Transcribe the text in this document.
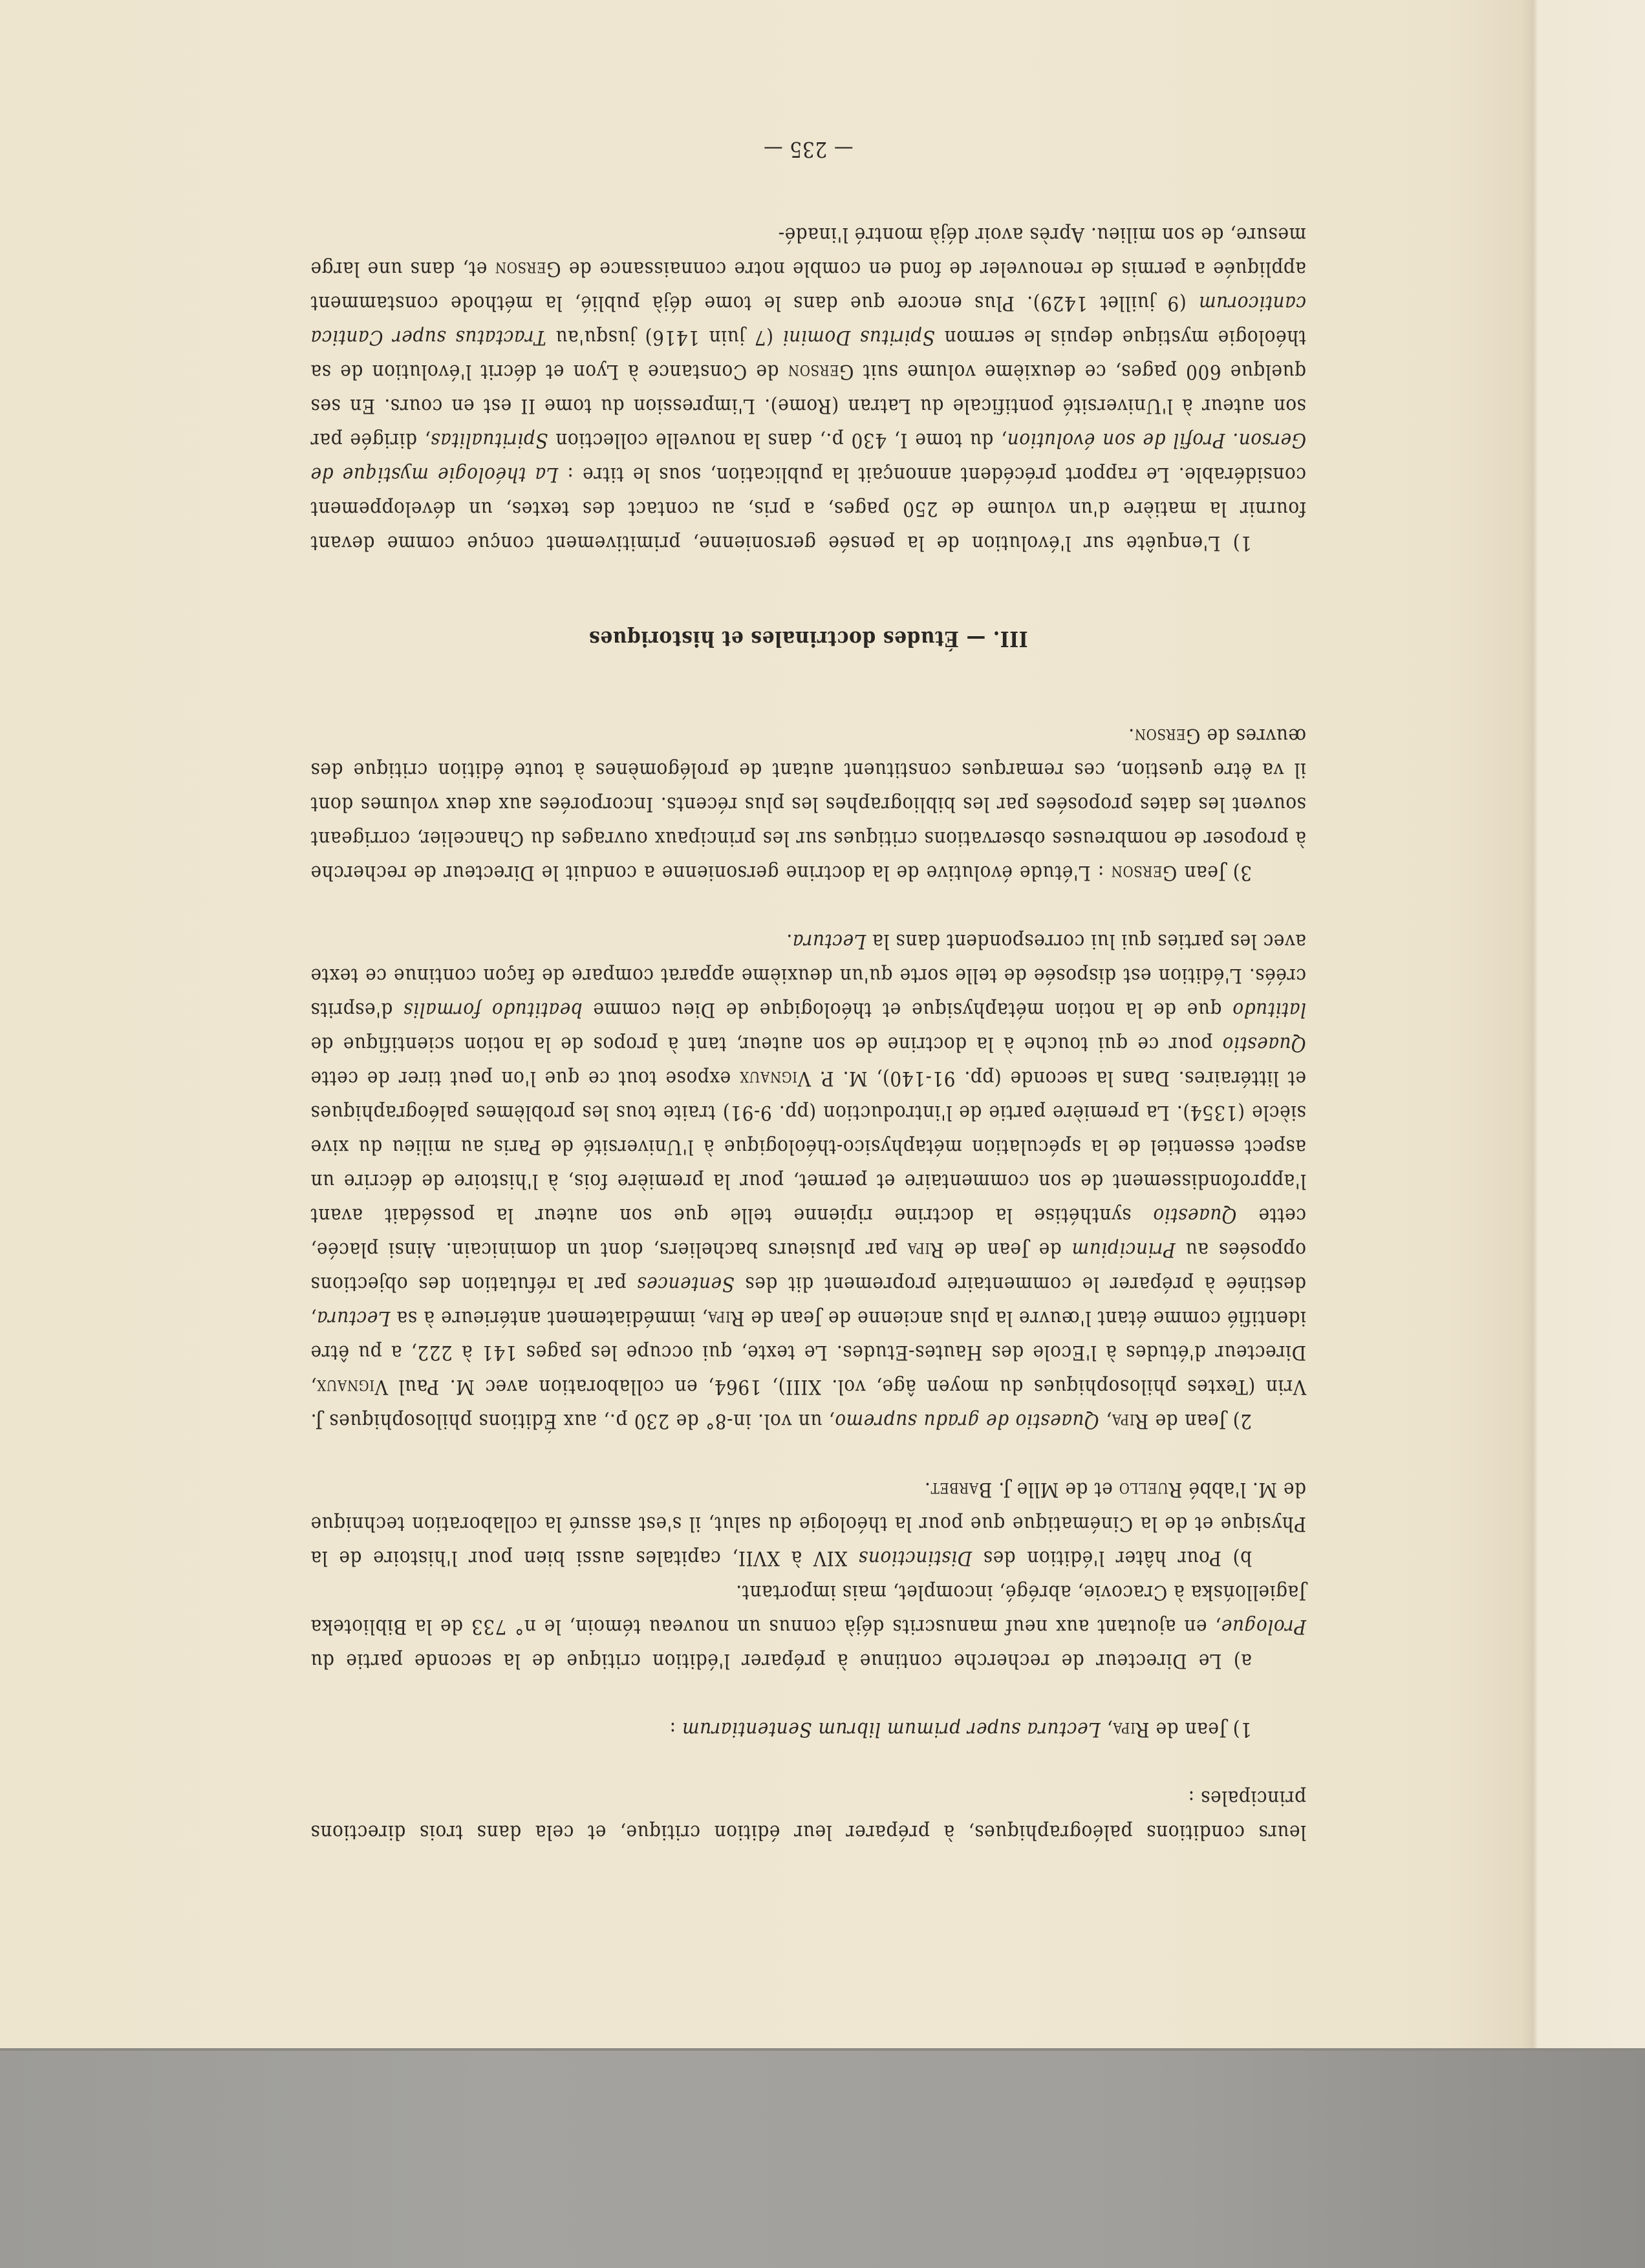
leurs conditions paléographiques, à préparer leur édition critique, et cela dans trois directions principales :

1) Jean de Ripa, Lectura super primum librum Sententiarum :

a) Le Directeur de recherche continue à préparer l'édition critique de la seconde partie du Prologue, en ajoutant aux neuf manuscrits déjà connus un nouveau témoin, le n° 733 de la Biblioteka Jagiellońska à Cracovie, abrégé, incomplet, mais important.

b) Pour hâter l'édition des Distinctions XIV à XVII, capitales aussi bien pour l'histoire de la Physique et de la Cinématique que pour la théologie du salut, il s'est assuré la collaboration technique de M. l'abbé Ruello et de Mlle J. Barbet.

2) Jean de Ripa, Quaestio de gradu supremo, un vol. in-8° de 230 p., aux Éditions philosophiques J. Vrin (Textes philosophiques du moyen âge, vol. XIII), 1964, en collaboration avec M. Paul Vignaux, Directeur d'études à l'Ecole des Hautes-Etudes. Le texte, qui occupe les pages 141 à 222, a pu être identifié comme étant l'œuvre la plus ancienne de Jean de Ripa, immédiatement antérieure à sa Lectura, destinée à préparer le commentaire proprement dit des Sentences par la réfutation des objections opposées au Principium de Jean de Ripa par plusieurs bacheliers, dont un dominicain. Ainsi placée, cette Quaestio synthétise la doctrine ripienne telle que son auteur la possédait avant l'approfondissement de son commentaire et permet, pour la première fois, à l'histoire de décrire un aspect essentiel de la spéculation métaphysico-théologique à l'Université de Paris au milieu du xive siècle (1354). La première partie de l'introduction (pp. 9-91) traite tous les problèmes paléographiques et littéraires. Dans la seconde (pp. 91-140), M. P. Vignaux expose tout ce que l'on peut tirer de cette Quaestio pour ce qui touche à la doctrine de son auteur, tant à propos de la notion scientifique de latitudo que de la notion métaphysique et théologique de Dieu comme beatitudo formalis d'esprits créés. L'édition est disposée de telle sorte qu'un deuxième apparat compare de façon continue ce texte avec les parties qui lui correspondent dans la Lectura.

3) Jean Gerson : L'étude évolutive de la doctrine gersonienne a conduit le Directeur de recherche à proposer de nombreuses observations critiques sur les principaux ouvrages du Chancelier, corrigeant souvent les dates proposées par les bibliographes les plus récents. Incorporées aux deux volumes dont il va être question, ces remarques constituent autant de prolégomènes à toute édition critique des œuvres de Gerson.

III. — Études doctrinales et historiques

1) L'enquête sur l'évolution de la pensée gersonienne, primitivement conçue comme devant fournir la matière d'un volume de 250 pages, a pris, au contact des textes, un développement considérable. Le rapport précédent annonçait la publication, sous le titre : La théologie mystique de Gerson. Profil de son évolution, du tome I, 430 p., dans la nouvelle collection Spiritualitas, dirigée par son auteur à l'Université pontificale du Latran (Rome). L'impression du tome II est en cours. En ses quelque 600 pages, ce deuxième volume suit Gerson de Constance à Lyon et décrit l'évolution de sa théologie mystique depuis le sermon Spiritus Domini (7 juin 1416) jusqu'au Tractatus super Cantica canticorum (9 juillet 1429). Plus encore que dans le tome déjà publié, la méthode constamment appliquée a permis de renouveler de fond en comble notre connaissance de Gerson et, dans une large mesure, de son milieu. Après avoir déjà montré l'inadé-

— 235 —
